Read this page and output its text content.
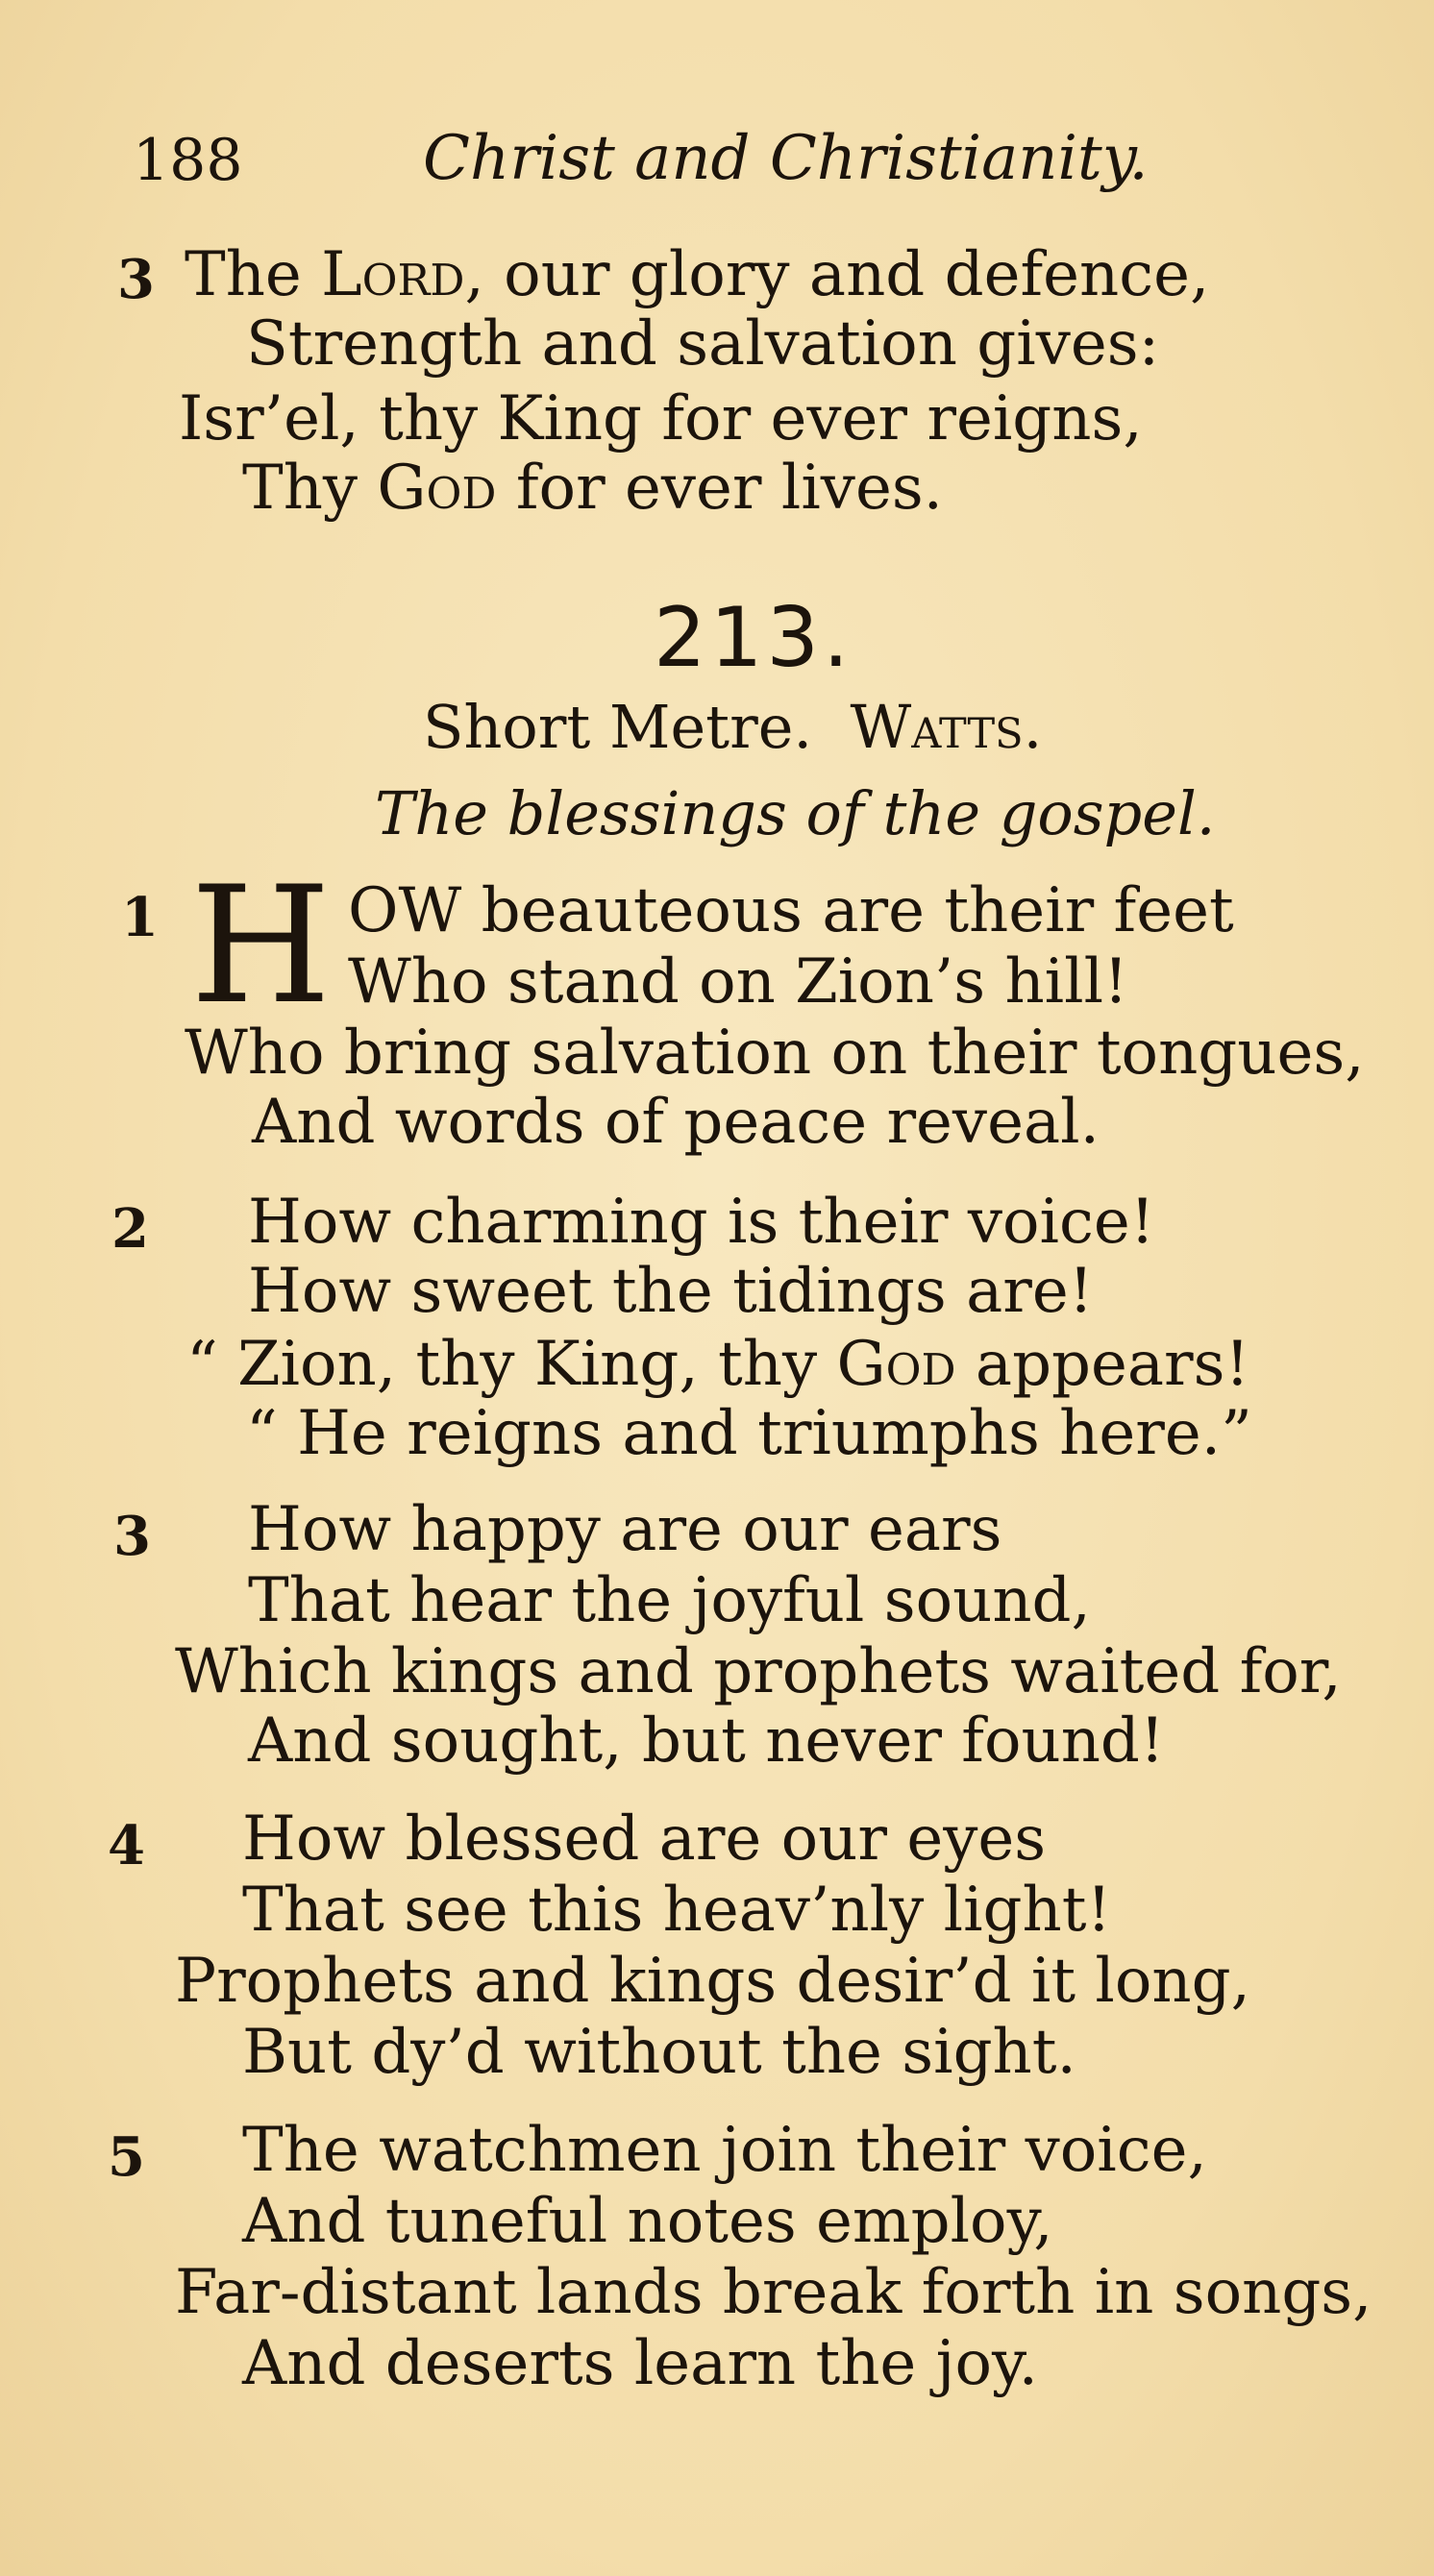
188	Christ and Christianity.
3 The Lord, our glory and defence,
Strength and salvation gives:
Isr’el, thy King for ever reigns,
Thy God for ever lives.
213.
Short Metre. Watts.
The blessings of the gospel.
1 H OW beauteous are their feet
Who stand on Zion’s hill!
Who bring salvation on their tongues,
And words of peace reveal.
2 How charming is their voice!
How sweet the tidings are!
“ Zion, thy King, thy God appears!
“ He reigns and triumphs here.”
3 How happy are our ears
That hear the joyful sound,
Which kings and prophets waited for,
And sought, but never found!
4 How blessed are our eyes
That see this heav’nly light!
Prophets and kings desir’d it long,
But dy’d without the sight.
5 The watchmen join their voice,
And tuneful notes employ,
Far-distant lands break forth in songs,
And deserts learn the joy.
